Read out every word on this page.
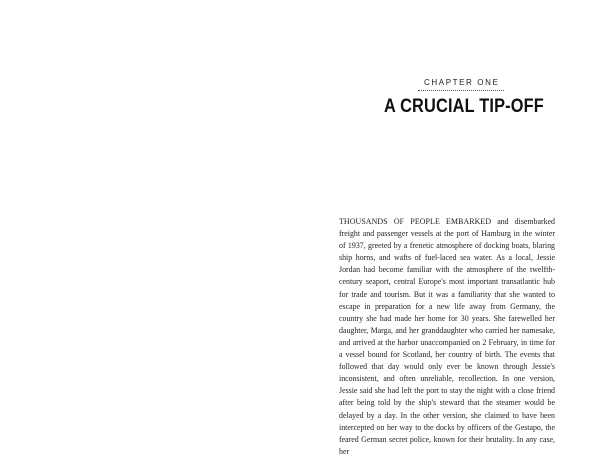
CHAPTER ONE
A CRUCIAL TIP-OFF
THOUSANDS OF PEOPLE EMBARKED and disembarked freight and passenger vessels at the port of Hamburg in the winter of 1937, greeted by a frenetic atmosphere of docking boats, blaring ship horns, and wafts of fuel-laced sea water. As a local, Jessie Jordan had become familiar with the atmosphere of the twelfth-century seaport, central Europe's most important transatlantic hub for trade and tourism. But it was a familiarity that she wanted to escape in preparation for a new life away from Germany, the country she had made her home for 30 years. She farewelled her daughter, Marga, and her granddaughter who carried her namesake, and arrived at the harbor unaccompanied on 2 February, in time for a vessel bound for Scotland, her country of birth. The events that followed that day would only ever be known through Jessie's inconsistent, and often unreliable, recollection. In one version, Jessie said she had left the port to stay the night with a close friend after being told by the ship's steward that the steamer would be delayed by a day. In the other version, she claimed to have been intercepted on her way to the docks by officers of the Gestapo, the feared German secret police, known for their brutality. In any case, her
